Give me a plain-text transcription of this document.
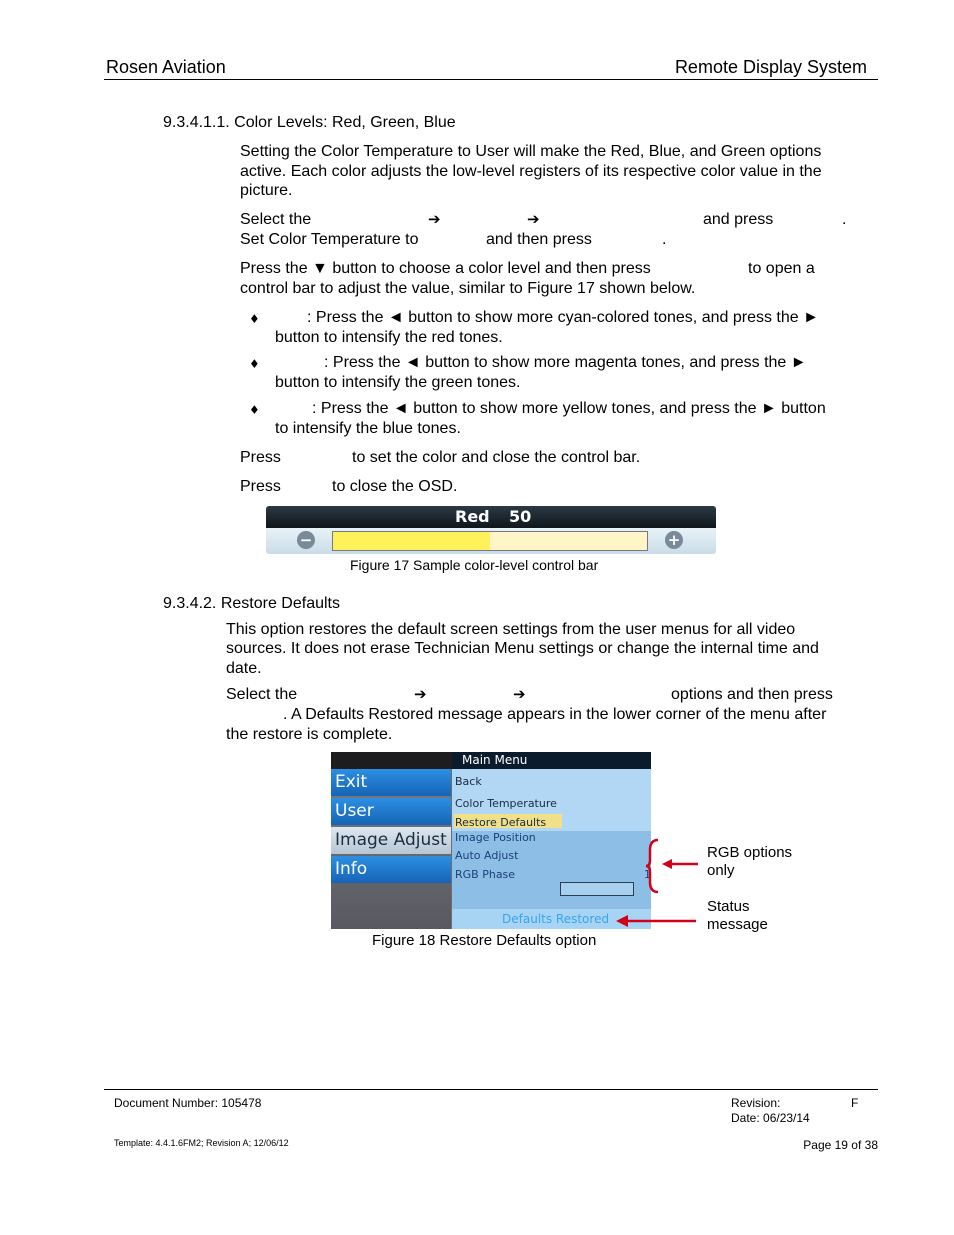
Rosen Aviation	Remote Display System
9.3.4.1.1. Color Levels: Red, Green, Blue
Setting the Color Temperature to User will make the Red, Blue, and Green options
active. Each color adjusts the low-level registers of its respective color value in the
picture.
Select the	➔	➔	and press	.
Set Color Temperature to	and then press	.
Press the ▼ button to choose a color level and then press	to open a
control bar to adjust the value, similar to Figure 17 shown below.
♦	: Press the ◄ button to show more cyan-colored tones, and press the ►
button to intensify the red tones.
♦	: Press the ◄ button to show more magenta tones, and press the ►
button to intensify the green tones.
♦	: Press the ◄ button to show more yellow tones, and press the ► button
to intensify the blue tones.
Press	to set the color and close the control bar.
Press	to close the OSD.
Red 50
−	+
Figure 17 Sample color-level control bar
9.3.4.2. Restore Defaults
This option restores the default screen settings from the user menus for all video
sources. It does not erase Technician Menu settings or change the internal time and
date.
Select the	➔	➔	options and then press
. A Defaults Restored message appears in the lower corner of the menu after
the restore is complete.
Main Menu
Exit
User
Image Adjust
Info
Back
Color Temperature
Restore Defaults
Image Position
Auto Adjust
RGB Phase	1
Defaults Restored
RGB options
only
Status
message
Figure 18 Restore Defaults option
Document Number: 105478	Revision:	F
Date: 06/23/14
Template: 4.4.1.6FM2; Revision A; 12/06/12	Page 19 of 38
